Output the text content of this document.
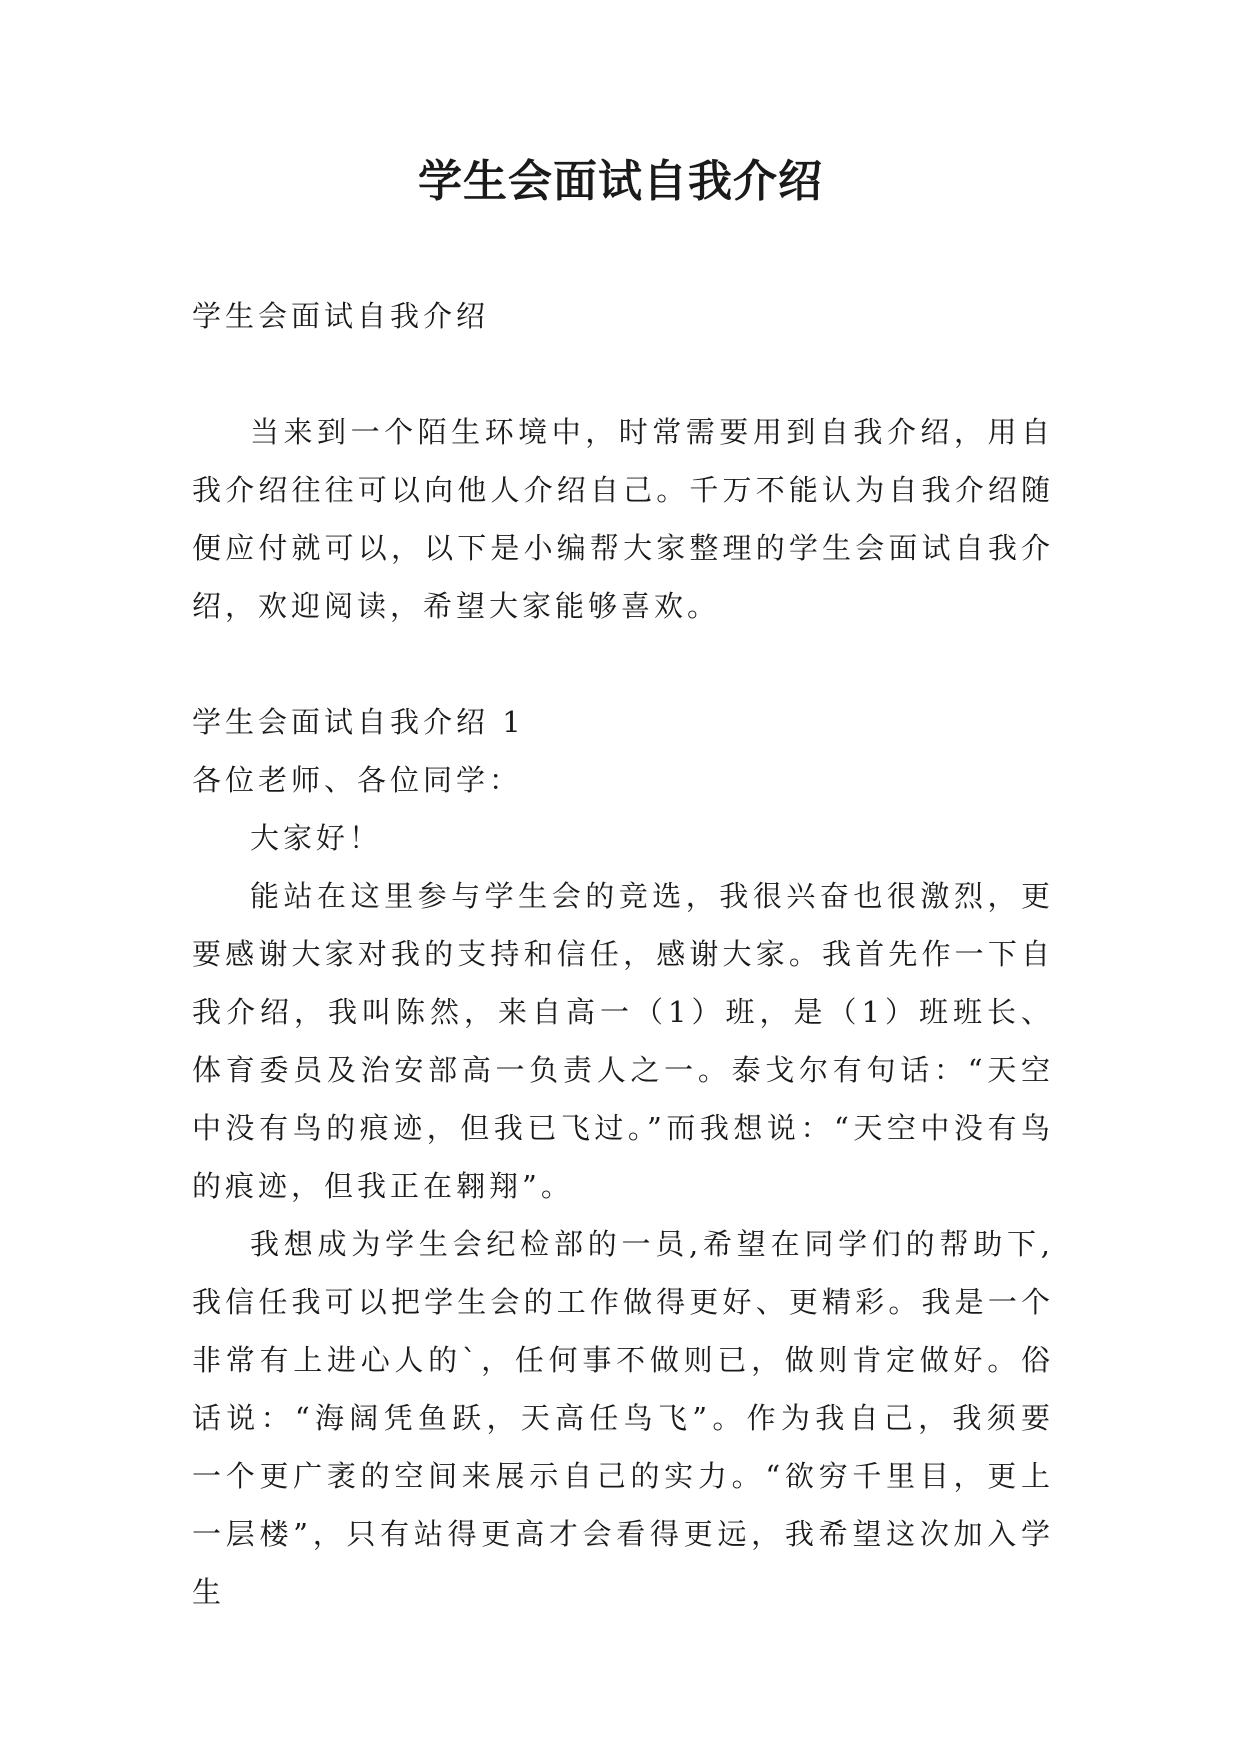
学生会面试自我介绍

学生会面试自我介绍

当来到一个陌生环境中，时常需要用到自我介绍，用自我介绍往往可以向他人介绍自己。千万不能认为自我介绍随便应付就可以，以下是小编帮大家整理的学生会面试自我介绍，欢迎阅读，希望大家能够喜欢。

学生会面试自我介绍 1

各位老师、各位同学：

大家好！

能站在这里参与学生会的竞选，我很兴奋也很激烈，更要感谢大家对我的支持和信任，感谢大家。我首先作一下自我介绍，我叫陈然，来自高一（1）班，是（1）班班长、体育委员及治安部高一负责人之一。泰戈尔有句话：“天空中没有鸟的痕迹，但我已飞过。”而我想说：“天空中没有鸟的痕迹，但我正在翱翔”。

我想成为学生会纪检部的一员,希望在同学们的帮助下,我信任我可以把学生会的工作做得更好、更精彩。我是一个非常有上进心人的`，任何事不做则已，做则肯定做好。俗话说：“海阔凭鱼跃，天高任鸟飞”。作为我自己，我须要一个更广袤的空间来展示自己的实力。“欲穷千里目，更上一层楼”，只有站得更高才会看得更远，我希望这次加入学生
